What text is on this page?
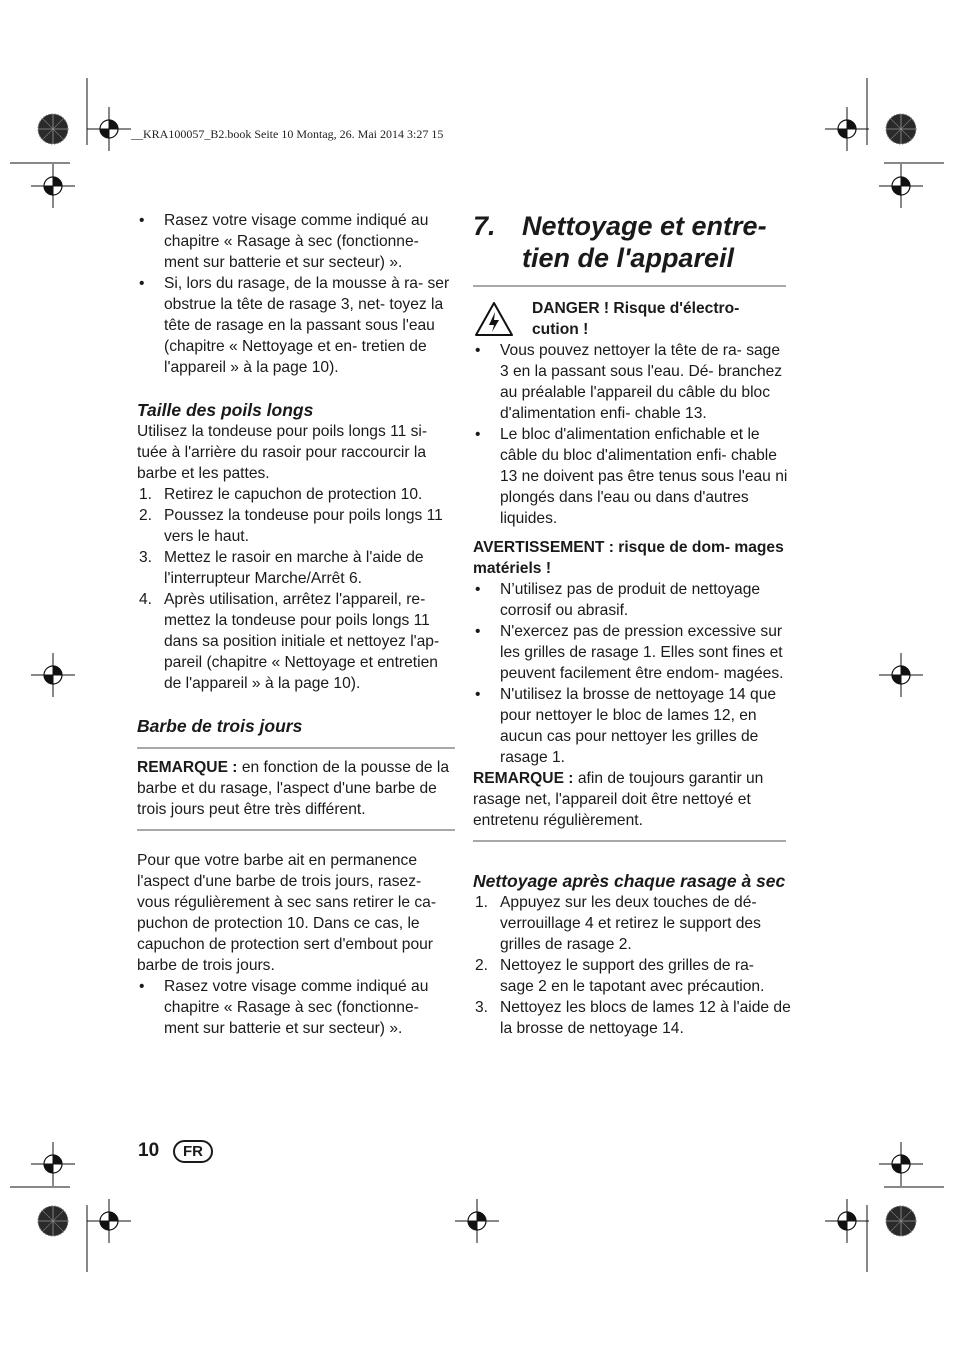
__KRA100057_B2.book Seite 10 Montag, 26. Mai 2014 3:27 15
• Rasez votre visage comme indiqué au chapitre « Rasage à sec (fonctionne- ment sur batterie et sur secteur) ».
• Si, lors du rasage, de la mousse à ra- ser obstrue la tête de rasage 3, net- toyez la tête de rasage en la passant sous l'eau (chapitre « Nettoyage et en- tretien de l'appareil » à la page 10).
Taille des poils longs

Utilisez la tondeuse pour poils longs 11 si- tuée à l'arrière du rasoir pour raccourcir la barbe et les pattes.

1. Retirez le capuchon de protection 10.
2. Poussez la tondeuse pour poils longs 11 vers le haut.
3. Mettez le rasoir en marche à l'aide de l'interrupteur Marche/Arrêt 6.
4. Après utilisation, arrêtez l'appareil, re- mettez la tondeuse pour poils longs 11 dans sa position initiale et nettoyez l'ap- pareil (chapitre « Nettoyage et entretien de l'appareil » à la page 10).
Barbe de trois jours

REMARQUE : en fonction de la pousse de la barbe et du rasage, l'aspect d'une barbe de trois jours peut être très différent.

Pour que votre barbe ait en permanence l'aspect d'une barbe de trois jours, rasez- vous régulièrement à sec sans retirer le ca- puchon de protection 10. Dans ce cas, le capuchon de protection sert d'embout pour barbe de trois jours.

• Rasez votre visage comme indiqué au chapitre « Rasage à sec (fonctionne- ment sur batterie et sur secteur) ».
7. Nettoyage et entre-
tien de l'appareil
DANGER ! Risque d'électro-
cution !
• Vous pouvez nettoyer la tête de ra- sage 3 en la passant sous l'eau. Dé- branchez au préalable l'appareil du câble du bloc d'alimentation enfi- chable 13.
• Le bloc d'alimentation enfichable et le câble du bloc d'alimentation enfi- chable 13 ne doivent pas être tenus sous l'eau ni plongés dans l'eau ou dans d'autres liquides.

AVERTISSEMENT : risque de dom- mages matériels !

• N’utilisez pas de produit de nettoyage corrosif ou abrasif.
• N'exercez pas de pression excessive sur les grilles de rasage 1. Elles sont fines et peuvent facilement être endom- magées.
• N'utilisez la brosse de nettoyage 14 que pour nettoyer le bloc de lames 12, en aucun cas pour nettoyer les grilles de rasage 1.

REMARQUE : afin de toujours garantir un rasage net, l'appareil doit être nettoyé et entretenu régulièrement.

Nettoyage après chaque rasage à sec
1. Appuyez sur les deux touches de dé- verrouillage 4 et retirez le support des grilles de rasage 2.
2. Nettoyez le support des grilles de ra- sage 2 en le tapotant avec précaution.
3. Nettoyez les blocs de lames 12 à l'aide de la brosse de nettoyage 14.
10	FR
